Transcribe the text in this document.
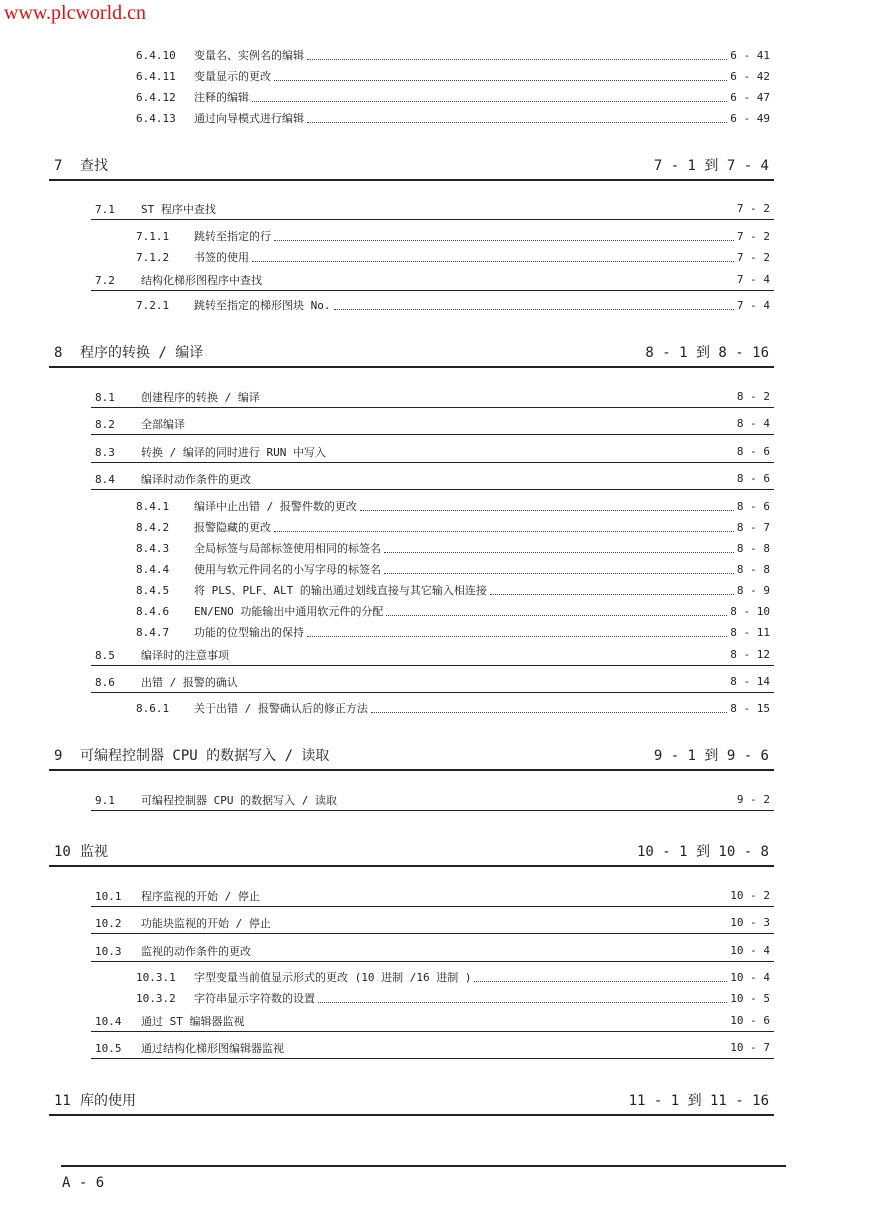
www.plcworld.cn
6.4.10	变量名、实例名的编辑	6 - 41
6.4.11	变量显示的更改	6 - 42
6.4.12	注释的编辑	6 - 47
6.4.13	通过向导模式进行编辑	6 - 49
7 查找	7 - 1 到 7 - 4
7.1 ST 程序中查找	7 - 2
7.1.1	跳转至指定的行	7 - 2
7.1.2	书签的使用	7 - 2
7.2 结构化梯形图程序中查找	7 - 4
7.2.1	跳转至指定的梯形图块 No.	7 - 4
8 程序的转换 / 编译	8 - 1 到 8 - 16
8.1 创建程序的转换 / 编译	8 - 2
8.2 全部编译	8 - 4
8.3 转换 / 编译的同时进行 RUN 中写入	8 - 6
8.4 编译时动作条件的更改	8 - 6
8.4.1	编译中止出错 / 报警件数的更改	8 - 6
8.4.2	报警隐藏的更改	8 - 7
8.4.3	全局标签与局部标签使用相同的标签名	8 - 8
8.4.4	使用与软元件同名的小写字母的标签名	8 - 8
8.4.5	将 PLS、PLF、ALT 的输出通过划线直接与其它输入相连接	8 - 9
8.4.6	EN/ENO 功能输出中通用软元件的分配	8 - 10
8.4.7	功能的位型输出的保持	8 - 11
8.5 编译时的注意事项	8 - 12
8.6 出错 / 报警的确认	8 - 14
8.6.1	关于出错 / 报警确认后的修正方法	8 - 15
9 可编程控制器 CPU 的数据写入 / 读取	9 - 1 到 9 - 6
9.1 可编程控制器 CPU 的数据写入 / 读取	9 - 2
10 监视	10 - 1 到 10 - 8
10.1 程序监视的开始 / 停止	10 - 2
10.2 功能块监视的开始 / 停止	10 - 3
10.3 监视的动作条件的更改	10 - 4
10.3.1	字型变量当前值显示形式的更改 (10 进制 /16 进制 )	10 - 4
10.3.2	字符串显示字符数的设置	10 - 5
10.4 通过 ST 编辑器监视	10 - 6
10.5 通过结构化梯形图编辑器监视	10 - 7
11 库的使用	11 - 1 到 11 - 16
A - 6
